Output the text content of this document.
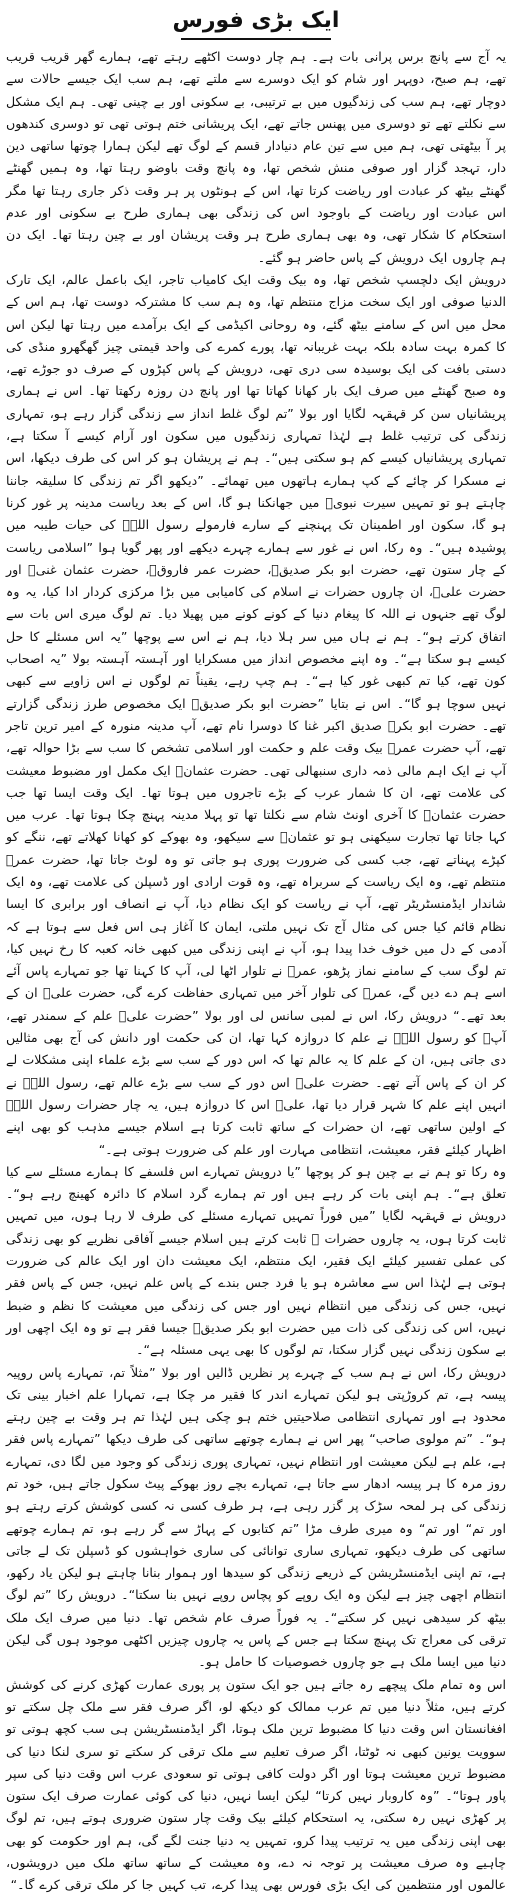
ایک بڑی فورس

یہ آج سے پانچ برس پرانی بات ہے۔ ہم چار دوست اکٹھے رہتے تھے، ہمارے گھر قریب قریب تھے، ہم صبح، دوپہر اور شام کو ایک دوسرے سے ملتے تھے، ہم سب ایک جیسے حالات سے دوچار تھے، ہم سب کی زندگیوں میں بے ترتیبی، بے سکونی اور بے چینی تھی۔ ہم ایک مشکل سے نکلتے تھے تو دوسری میں پھنس جاتے تھے، ایک پریشانی ختم ہوتی تھی تو دوسری کندھوں پر آ بیٹھتی تھی، ہم میں سے تین عام دنیادار قسم کے لوگ تھے لیکن ہمارا چوتھا ساتھی دین دار، تہجد گزار اور صوفی منش شخص تھا، وہ پانچ وقت باوضو رہتا تھا، وہ ہمیں گھنٹے گھنٹے بیٹھ کر عبادت اور ریاضت کرتا تھا، اس کے ہونٹوں پر ہر وقت ذکر جاری رہتا تھا مگر اس عبادت اور ریاضت کے باوجود اس کی زندگی بھی ہماری طرح بے سکونی اور عدم استحکام کا شکار تھی، وہ بھی ہماری طرح ہر وقت پریشان اور بے چین رہتا تھا۔ ایک دن ہم چاروں ایک درویش کے پاس حاضر ہو گئے۔

درویش ایک دلچسپ شخص تھا، وہ بیک وقت ایک کامیاب تاجر، ایک باعمل عالم، ایک تارک الدنیا صوفی اور ایک سخت مزاج منتظم تھا، وہ ہم سب کا مشترکہ دوست تھا، ہم اس کے محل میں اس کے سامنے بیٹھ گئے، وہ روحانی اکیڈمی کے ایک برآمدے میں رہتا تھا لیکن اس کا کمرہ بہت سادہ بلکہ بہت غریبانہ تھا، پورے کمرے کی واحد قیمتی چیز گھگھرو منڈی کی دستی بافت کی ایک بوسیدہ سی دری تھی، درویش کے پاس کپڑوں کے صرف دو جوڑے تھے، وہ صبح گھنٹے میں صرف ایک بار کھانا کھاتا تھا اور پانچ دن روزہ رکھتا تھا۔ اس نے ہماری پریشانیاں سن کر قہقہہ لگایا اور بولا ”تم لوگ غلط انداز سے زندگی گزار رہے ہو، تمہاری زندگی کی ترتیب غلط ہے لہٰذا تمہاری زندگیوں میں سکون اور آرام کیسے آ سکتا ہے، تمہاری پریشانیاں کیسے کم ہو سکتی ہیں“۔ ہم نے پریشان ہو کر اس کی طرف دیکھا، اس نے مسکرا کر چائے کے کپ ہمارے ہاتھوں میں تھمائے۔ ”دیکھو اگر تم زندگی کا سلیقہ جاننا چاہتے ہو تو تمہیں سیرت نبویؐ میں جھانکنا ہو گا، اس کے بعد ریاست مدینہ پر غور کرنا ہو گا، سکون اور اطمینان تک پہنچنے کے سارے فارمولے رسول اللہؐ کی حیات طیبہ میں پوشیدہ ہیں“۔ وہ رکا، اس نے غور سے ہمارے چہرے دیکھے اور پھر گویا ہوا ”اسلامی ریاست کے چار ستون تھے، حضرت ابو بکر صدیقؓ، حضرت عمر فاروقؓ، حضرت عثمان غنیؓ اور حضرت علیؓ، ان چاروں حضرات نے اسلام کی کامیابی میں بڑا مرکزی کردار ادا کیا، یہ وہ لوگ تھے جنہوں نے اللہ کا پیغام دنیا کے کونے کونے میں پھیلا دیا۔ تم لوگ میری اس بات سے اتفاق کرتے ہو“۔ ہم نے ہاں میں سر ہلا دیا، ہم نے اس سے پوچھا ”یہ اس مسئلے کا حل کیسے ہو سکتا ہے“۔ وہ اپنے مخصوص انداز میں مسکرایا اور آہستہ آہستہ بولا ”یہ اصحاب کون تھے، کیا تم کبھی غور کیا ہے“۔ ہم چپ رہے، یقیناً تم لوگوں نے اس زاویے سے کبھی نہیں سوچا ہو گا“۔ اس نے بتایا ”حضرت ابو بکر صدیقؓ ایک مخصوص طرز زندگی گزارتے تھے۔ حضرت ابو بکرؓ صدیق اکبر غنا کا دوسرا نام تھے، آپ مدینہ منورہ کے امیر ترین تاجر تھے، آپ حضرت عمرؓ بیک وقت علم و حکمت اور اسلامی تشخص کا سب سے بڑا حوالہ تھے، آپ نے ایک اہم مالی ذمہ داری سنبھالی تھی۔ حضرت عثمانؓ ایک مکمل اور مضبوط معیشت کی علامت تھے، ان کا شمار عرب کے بڑے تاجروں میں ہوتا تھا۔ ایک وقت ایسا تھا جب حضرت عثمانؓ کا آخری اونٹ شام سے نکلتا تھا تو پہلا مدینہ پہنچ چکا ہوتا تھا۔ عرب میں کہا جاتا تھا تجارت سیکھنی ہو تو عثمانؓ سے سیکھو، وہ بھوکے کو کھانا کھلاتے تھے، ننگے کو کپڑے پہناتے تھے، جب کسی کی ضرورت پوری ہو جاتی تو وہ لوٹ جاتا تھا، حضرت عمرؓ منتظم تھے، وہ ایک ریاست کے سربراہ تھے، وہ قوت ارادی اور ڈسپلن کی علامت تھے، وہ ایک شاندار ایڈمنسٹریٹر تھے، آپ نے ریاست کو ایک نظام دیا، آپ نے انصاف اور برابری کا ایسا نظام قائم کیا جس کی مثال آج تک نہیں ملتی، ایمان کا آغاز ہی اس فعل سے ہوتا ہے کہ آدمی کے دل میں خوف خدا پیدا ہو، آپ نے اپنی زندگی میں کبھی خانہ کعبہ کا رخ نہیں کیا، تم لوگ سب کے سامنے نماز پڑھو، عمرؓ نے تلوار اٹھا لی، آپ کا کہنا تھا جو تمہارے پاس آئے اسے ہم دے دیں گے، عمرؓ کی تلوار آخر میں تمہاری حفاظت کرے گی، حضرت علیؓ ان کے بعد تھے۔“ درویش رکا، اس نے لمبی سانس لی اور بولا ”حضرت علیؓ علم کے سمندر تھے، آپؓ کو رسول اللہؐ نے علم کا دروازہ کہا تھا، ان کی حکمت اور دانش کی آج بھی مثالیں دی جاتی ہیں، ان کے علم کا یہ عالم تھا کہ اس دور کے سب سے بڑے علماء اپنی مشکلات لے کر ان کے پاس آتے تھے۔ حضرت علیؓ اس دور کے سب سے بڑے عالم تھے، رسول اللہؐ نے انہیں اپنے علم کا شہر قرار دیا تھا، علیؓ اس کا دروازہ ہیں، یہ چار حضرات رسول اللہؐ کے اولین ساتھی تھے، ان حضرات کے ساتھ ثابت کرتا ہے اسلام جیسے مذہب کو بھی اپنے اظہار کیلئے فقر، معیشت، انتظامی مہارت اور علم کی ضرورت ہوتی ہے۔“

وہ رکا تو ہم نے بے چین ہو کر پوچھا ”یا درویش تمہارے اس فلسفے کا ہمارے مسئلے سے کیا تعلق ہے“۔ ہم اپنی بات کر رہے ہیں اور تم ہمارے گرد اسلام کا دائرہ کھینچ رہے ہو“۔ درویش نے قہقہہ لگایا ”میں فوراً تمہیں تمہارے مسئلے کی طرف لا رہا ہوں، میں تمہیں ثابت کرتا ہوں، یہ چاروں حضرات ؓ ثابت کرتے ہیں اسلام جیسے آفاقی نظریے کو بھی زندگی کی عملی تفسیر کیلئے ایک فقیر، ایک منتظم، ایک معیشت دان اور ایک عالم کی ضرورت ہوتی ہے لہٰذا اس سے معاشرہ ہو یا فرد جس بندے کے پاس علم نہیں، جس کے پاس فقر نہیں، جس کی زندگی میں انتظام نہیں اور جس کی زندگی میں معیشت کا نظم و ضبط نہیں، اس کی زندگی کی ذات میں حضرت ابو بکر صدیقؓ جیسا فقر ہے تو وہ ایک اچھی اور بے سکون زندگی نہیں گزار سکتا، تم لوگوں کا بھی یہی مسئلہ ہے“۔

درویش رکا، اس نے ہم سب کے چہرے پر نظریں ڈالیں اور بولا ”مثلاً تم، تمہارے پاس روپیہ پیسہ ہے، تم کروڑپتی ہو لیکن تمہارے اندر کا فقیر مر چکا ہے، تمہارا علم اخبار بینی تک محدود ہے اور تمہاری انتظامی صلاحیتیں ختم ہو چکی ہیں لہٰذا تم ہر وقت بے چین رہتے ہو“۔ ”تم مولوی صاحب“ پھر اس نے ہمارے چوتھے ساتھی کی طرف دیکھا ”تمہارے پاس فقر ہے، علم ہے لیکن معیشت اور انتظام نہیں، تمہاری پوری زندگی کو وجود میں لگا دی، تمہارے روز مرہ کا ہر پیسہ ادھار سے جاتا ہے، تمہارے بچے روز بھوکے پیٹ سکول جاتے ہیں، خود تم زندگی کی ہر لمحہ سڑک پر گزر رہی ہے، ہر طرف کسی نہ کسی کوشش کرتے رہتے ہو اور تم“ اور تم“ وہ میری طرف مڑا ”تم کتابوں کے پہاڑ سے گر رہے ہو، تم ہمارے چوتھے ساتھی کی طرف دیکھو، تمہاری ساری توانائی کی ساری خواہشوں کو ڈسپلن تک لے جاتی ہے، تم اپنی ایڈمنسٹریشن کے ذریعے زندگی کو سیدھا اور ہموار بنانا چاہتے ہو لیکن یاد رکھو، انتظام اچھی چیز ہے لیکن وہ ایک روپے کو پچاس روپے نہیں بنا سکتا“۔ درویش رکا ”تم لوگ بیٹھ کر سیدھی نہیں کر سکتے“۔ یہ فوراً صرف عام شخص تھا۔ دنیا میں صرف ایک ملک ترقی کی معراج تک پہنچ سکتا ہے جس کے پاس یہ چاروں چیزیں اکٹھی موجود ہوں گی لیکن دنیا میں ایسا ملک ہے جو چاروں خصوصیات کا حامل ہو۔

اس وہ تمام ملک پیچھے رہ جاتے ہیں جو ایک ستون پر پوری عمارت کھڑی کرنے کی کوشش کرتے ہیں، مثلاً دنیا میں تم عرب ممالک کو دیکھ لو، اگر صرف فقر سے ملک چل سکتے تو افغانستان اس وقت دنیا کا مضبوط ترین ملک ہوتا، اگر ایڈمنسٹریشن ہی سب کچھ ہوتی تو سوویت یونین کبھی نہ ٹوٹتا، اگر صرف تعلیم سے ملک ترقی کر سکتے تو سری لنکا دنیا کی مضبوط ترین معیشت ہوتا اور اگر دولت کافی ہوتی تو سعودی عرب اس وقت دنیا کی سپر پاور ہوتا“۔ ”وہ کاروبار نہیں کرتا“ لیکن ایسا نہیں، دنیا کی کوئی عمارت صرف ایک ستون پر کھڑی نہیں رہ سکتی، یہ استحکام کیلئے بیک وقت چار ستون ضروری ہوتے ہیں، تم لوگ بھی اپنی زندگی میں یہ ترتیب پیدا کرو، تمہیں یہ دنیا جنت لگے گی، ہم اور حکومت کو بھی چاہیے وہ صرف معیشت پر توجہ نہ دے، وہ معیشت کے ساتھ ساتھ ملک میں درویشوں، عالموں اور منتظمین کی ایک بڑی فورس بھی پیدا کرے، تب کہیں جا کر ملک ترقی کرے گا۔“
